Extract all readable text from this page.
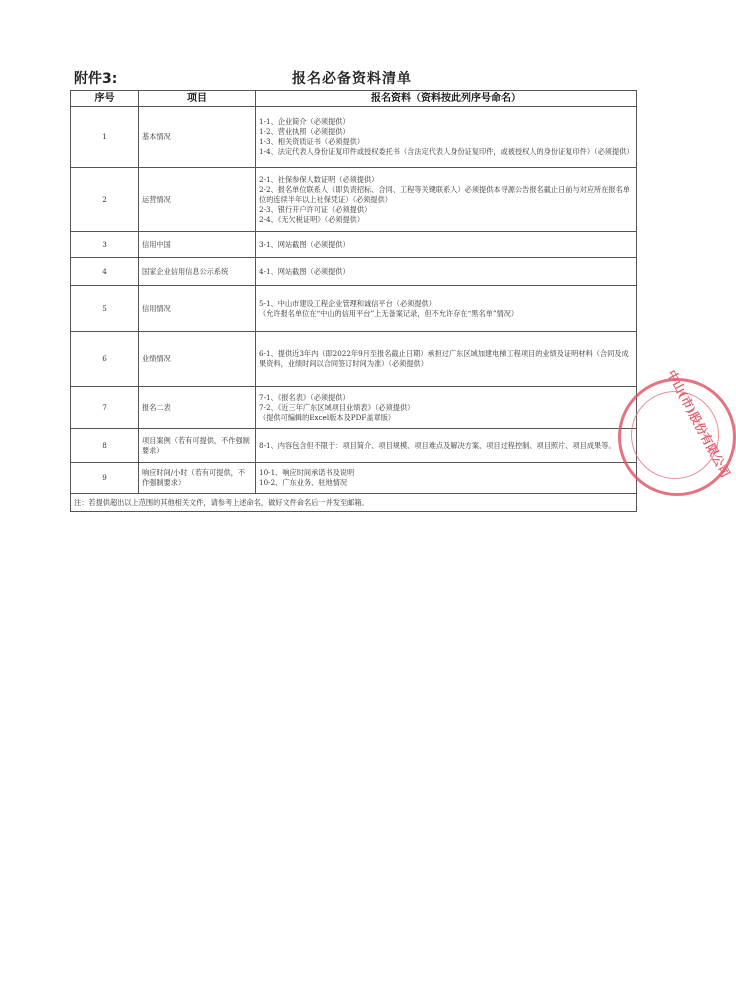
附件3:	报名必备资料清单
序号	项目	报名资料（资料按此列序号命名）
1	基本情况	1-1、企业简介（必须提供）
1-2、营业执照（必须提供）
1-3、相关资质证书（必须提供）
1-4、法定代表人身份证复印件或授权委托书（含法定代表人身份证复印件，或被授权人的身份证复印件）（必须提供）

2	运营情况	2-1、社保参保人数证明（必须提供）
2-2、报名单位联系人（即负责招标、合同、工程等关键联系人）必须提供本寻源公告报名截止日前与对应所在报名单位的连续半年以上社保凭证）（必须提供）
2-3、银行开户许可证（必须提供）
2-4、《无欠税证明》（必须提供）

3	信用中国	3-1、网站截图（必须提供）

4	国家企业信用信息公示系统	4-1、网站截图（必须提供）

5	信用情况	5-1、中山市建设工程企业管理和诚信平台（必须提供）
（允许报名单位在“中山的信用平台”上无备案记录，但不允许存在“黑名单”情况）

6	业绩情况	6-1、提供近3年内（即2022年9月至报名截止日期）承担过广东区域加建电梯工程项目的业绩及证明材料（合同及成果资料，业绩时间以合同签订时间为准）（必须提供）

7	报名二表	7-1、《报名表》（必须提供）
7-2、《近三年广东区域项目业绩表》（必须提供）
（提供可编辑的Excel版本及PDF盖章版）

8	项目案例（若有可提供，不作强制要求）	8-1、内容包含但不限于：项目简介、项目规模、项目难点及解决方案、项目过程控制、项目照片、项目成果等。

9	响应时间/小时（若有可提供，不作强制要求）	10-1、响应时间承诺书及说明
10-2、广东业务、驻地情况

注：若提供超出以上范围的其他相关文件，请参考上述命名，做好文件命名后一并发至邮箱。		
中山(市)股份有限公司
